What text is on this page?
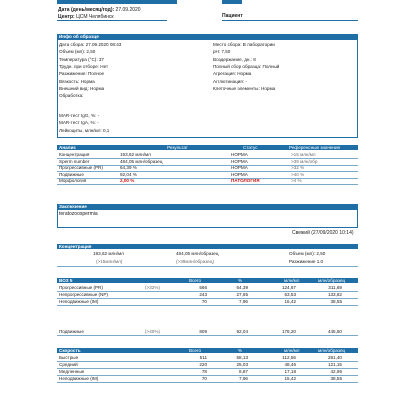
Дата (день/месяц/год): 27.09.2020
Центр: ЦСМ Челябинск	Пациент
Инфо об образце
Дата сбора: 27.09.2020 08:43
Объем (мл): 2,50
Температура (°C): 37
Трудн. при отборе: Нет
Разжижение: Полное
Вязкость: Норма
Внешний вид: Норма
Обработка:
Место сбора: В лаборатории
pH: 7,50
Воздержание, дн.: 8
Полный сбор образца: Полный
Агрегация: Норма
Агглютинация: -
Клеточные элементы: Норма
MAR-тест IgG, %: -
MAR-тест IgA, %: -
Лейкоциты, млн/мл: 0,1
Анализ	Результат	Статус	Референсные значения
Концентрация	193,62 млн/мл	НОРМА	>15 млн/мл
Sperm number	484,05 млн/образец	НОРМА	>39 млн/обр
Прогрессивные (PR)	64,39 %	НОРМА	>32 %
Подвижные	92,04 %	НОРМА	>40 %
Морфология	2,00 %	ПАТОЛОГИЯ	>4 %
Заключение
teratozoospermia
Свежий (27/09/2020 10:14)
Концентрация
193,62 млн/мл
(>15млн/мл)
484,05 млн/образец
(>39млн/образец)
Объем (мл): 2,50
Разжижение 1.0
ВОЗ 5	Всего	%	млн/мл	млн/образец
Прогрессивные (PR)	(>32%)	566	64,39	124,67	311,69
Непрогрессивные (NP)	243	27,65	53,53	133,82
Неподвижные (IM)	70	7,96	15,42	38,55
Подвижные	(>40%)	809	92,04	178,20	445,50
Скорость	Всего	%	млн/мл	млн/образец
Быстрые	511	58,13	112,56	281,40
Средний	220	25,03	48,46	121,15
Медленные	78	8,87	17,18	42,95
Неподвижные (IM)	70	7,96	15,42	38,55
